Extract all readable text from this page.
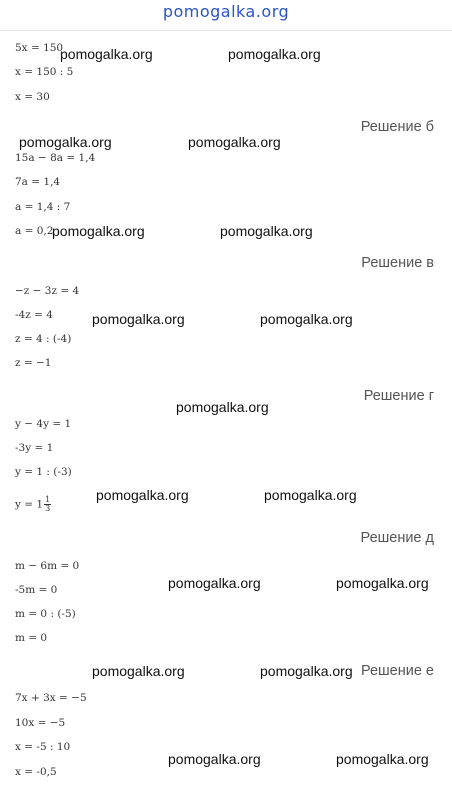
pomogalka.org
5x = 150
x = 150 : 5
x = 30
Решение б
15a − 8a = 1,4
7a = 1,4
a = 1,4 : 7
a = 0,2
Решение в
−z − 3z = 4
-4z = 4
z = 4 : (-4)
z = −1
Решение г
y − 4y = 1
-3y = 1
y = 1 : (-3)
$y = 1 \frac{1}{3}$
Решение д
m − 6m = 0
-5m = 0
m = 0 : (-5)
m = 0
Решение е
7x + 3x = −5
10x = −5
x = -5 : 10
x = -0,5
pomogalka.org	pomogalka.org
pomogalka.org	pomogalka.org
pomogalka.org	pomogalka.org
pomogalka.org	pomogalka.org
pomogalka.org
pomogalka.org	pomogalka.org
pomogalka.org	pomogalka.org
pomogalka.org	pomogalka.org
pomogalka.org	pomogalka.org
